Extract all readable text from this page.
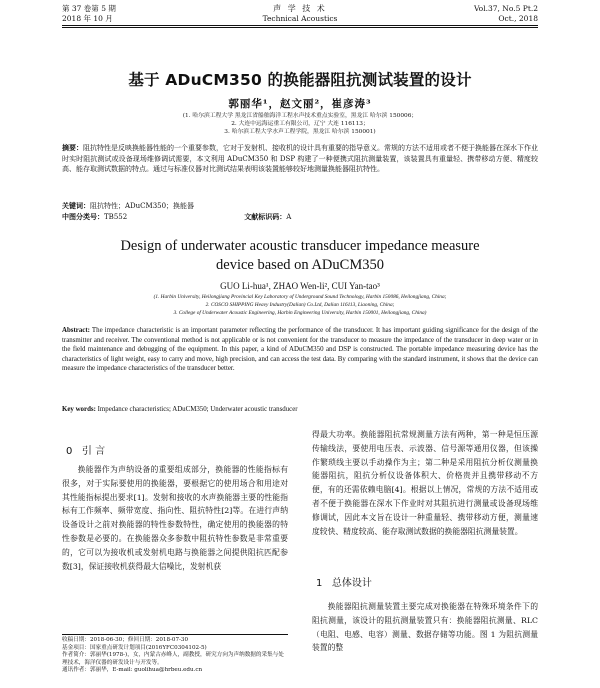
第 37 卷第 5 期	声 学 技 术	Vol.37, No.5 Pt.2
2018 年 10 月	Technical Acoustics	Oct., 2018
基于 ADuCM350 的换能器阻抗测试装置的设计
郭丽华¹，赵文丽²，崔彦涛³
(1. 哈尔滨工程大学 黑龙江省船舶海洋工程水声技术重点实验室，黑龙江 哈尔滨 150006；
2. 大连中远海运重工有限公司，辽宁 大连 116113；
3. 哈尔滨工程大学水声工程学院，黑龙江 哈尔滨 150001)
摘要：阻抗特性是反映换能器性能的一个重要参数，它对于发射机、接收机的设计具有重要的指导意义。常规的方法不适用或者不便于换能器在深水下作业时实时阻抗测试或设备现场维修调试需要，本文利用 ADuCM350 和 DSP 构建了一种便携式阻抗测量装置，该装置具有重量轻、携带移动方便、精度较高、能存取测试数据的特点。通过与标准仪器对比测试结果表明该装置能够较好地测量换能器阻抗特性。
关键词：阻抗特性；ADuCM350；换能器
中图分类号：TB552	文献标识码：A
Design of underwater acoustic transducer impedance measure
device based on ADuCM350
GUO Li-hua¹, ZHAO Wen-li², CUI Yan-tao³
(1. Harbin University, Heilongjiang Provincial Key Laboratory of Underground Sound Technology, Harbin 150086, Heilongjiang, China;
2. COSCO SHIPPING Heavy Industry(Dalian) Co.Ltd, Dalian 116113, Liaoning, China;
3. College of Underwater Acoustic Engineering, Harbin Engineering University, Harbin 150001, Heilongjiang, China)
Abstract: The impedance characteristic is an important parameter reflecting the performance of the transducer. It has important guiding significance for the design of the transmitter and receiver. The conventional method is not applicable or is not convenient for the transducer to measure the impedance of the transducer in deep water or in the field maintenance and debugging of the equipment. In this paper, a kind of ADuCM350 and DSP is constructed. The portable impedance measuring device has the characteristics of light weight, easy to carry and move, high precision, and can access the test data. By comparing with the standard instrument, it shows that the device can measure the impedance characteristics of the transducer better.
Key words: Impedance characteristics; ADuCM350; Underwater acoustic transducer
0 引 言

换能器作为声纳设备的重要组成部分，换能器的性能指标有很多，对于实际要使用的换能器，要根据它的使用场合和用途对其性能指标提出要求[1]。发射和接收的水声换能器主要的性能指标有工作频率、频带宽度、指向性、阻抗特性[2]等。在进行声纳设备设计之前对换能器的特性参数特性，确定使用的换能器的特性参数是必要的。在换能器众多参数中阻抗特性参数是非常重要的，它可以为接收机或发射机电路与换能器之间提供阻抗匹配参数[3]，保证接收机获得最大信噪比，发射机获

得最大功率。换能器阻抗常规测量方法有两种，第一种是恒压源传输线法，要使用电压表、示波器、信号源等通用仪器，但该操作繁琐线主要以手动操作为主；第二种是采用阻抗分析仪测量换能器阻抗，阻抗分析仪设备体积大、价格贵并且携带移动不方便，有的还需依赖电脑[4]。根据以上情况，常规的方法不适用或者不便于换能器在深水下作业时对其阻抗进行测量或设备现场维修调试，因此本文旨在设计一种重量轻、携带移动方便，测量速度较快、精度较高、能存取测试数据的换能器阻抗测量装置。

1 总体设计

换能器阻抗测量装置主要完成对换能器在特殊环境条件下的阻抗测量，该设计的阻抗测量装置只有：换能器阻抗测量、RLC（电阻、电感、电容）测量、数据存储等功能。图 1 为阻抗测量装置的整

收稿日期：2018-06-30；修回日期：2018-07-30
基金项目：国家重点研发计划项目(2016YFC0304102-5)
作者简介：郭丽华(1978-)，女，内蒙古赤峰人，副教授，研究方向为声纳数据的采集与处理技术，海洋仪器的研发设计与开发等。
通讯作者：郭丽华，E-mail: guolihua@hrbeu.edu.cn
